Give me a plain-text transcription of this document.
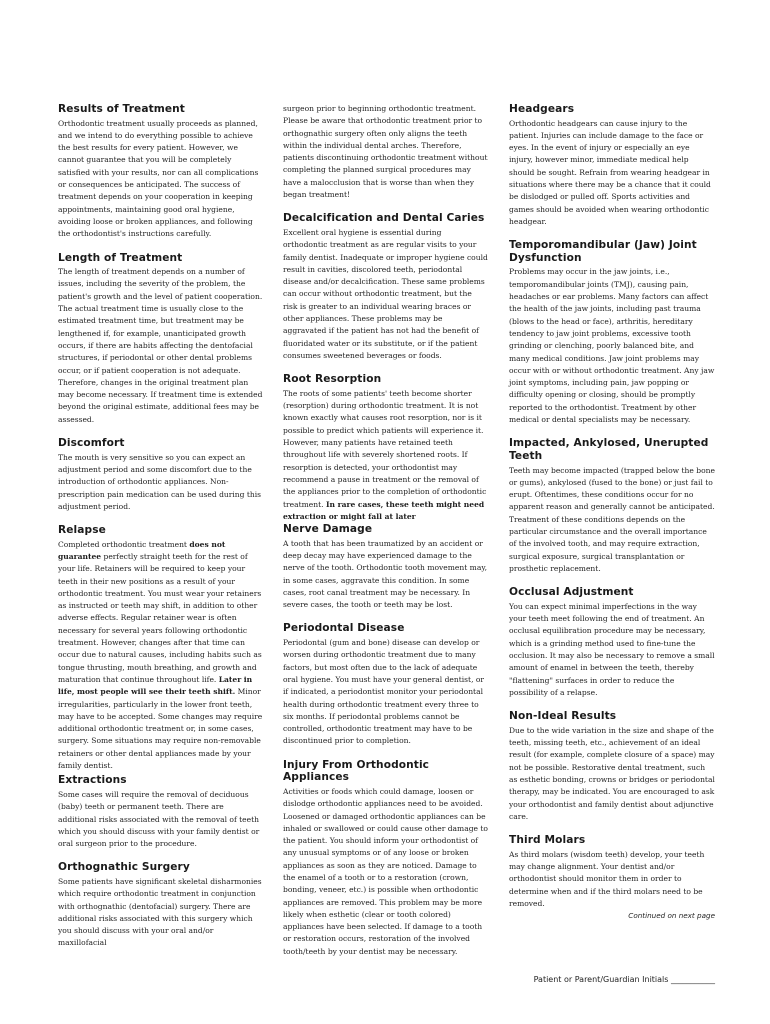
Results of Treatment

Orthodontic treatment usually proceeds as planned, and we intend to do everything possible to achieve the best results for every patient. However, we cannot guarantee that you will be completely satisfied with your results, nor can all complications or consequences be anticipated. The success of treatment depends on your cooperation in keeping appointments, maintaining good oral hygiene, avoiding loose or broken appliances, and following the orthodontist's instructions carefully.

Length of Treatment

The length of treatment depends on a number of issues, including the severity of the problem, the patient's growth and the level of patient cooperation. The actual treatment time is usually close to the estimated treatment time, but treatment may be lengthened if, for example, unanticipated growth occurs, if there are habits affecting the dentofacial structures, if periodontal or other dental problems occur, or if patient cooperation is not adequate. Therefore, changes in the original treatment plan may become necessary. If treatment time is extended beyond the original estimate, additional fees may be assessed.

Discomfort

The mouth is very sensitive so you can expect an adjustment period and some discomfort due to the introduction of orthodontic appliances. Non-prescription pain medication can be used during this adjustment period.

Relapse

Completed orthodontic treatment does not guarantee perfectly straight teeth for the rest of your life. Retainers will be required to keep your teeth in their new positions as a result of your orthodontic treatment. You must wear your retainers as instructed or teeth may shift, in addition to other adverse effects. Regular retainer wear is often necessary for several years following orthodontic treatment. However, changes after that time can occur due to natural causes, including habits such as tongue thrusting, mouth breathing, and growth and maturation that continue throughout life. Later in life, most people will see their teeth shift. Minor irregularities, particularly in the lower front teeth, may have to be accepted. Some changes may require additional orthodontic treatment or, in some cases, surgery. Some situations may require non-removable retainers or other dental appliances made by your family dentist.

Extractions

Some cases will require the removal of deciduous (baby) teeth or permanent teeth. There are additional risks associated with the removal of teeth which you should discuss with your family dentist or oral surgeon prior to the procedure.

Orthognathic Surgery

Some patients have significant skeletal disharmonies which require orthodontic treatment in conjunction with orthognathic (dentofacial) surgery. There are additional risks associated with this surgery which you should discuss with your oral and/or maxillofacial

surgeon prior to beginning orthodontic treatment. Please be aware that orthodontic treatment prior to orthognathic surgery often only aligns the teeth within the individual dental arches. Therefore, patients discontinuing orthodontic treatment without completing the planned surgical procedures may have a malocclusion that is worse than when they began treatment!

Decalcification and Dental Caries

Excellent oral hygiene is essential during orthodontic treatment as are regular visits to your family dentist. Inadequate or improper hygiene could result in cavities, discolored teeth, periodontal disease and/or decalcification. These same problems can occur without orthodontic treatment, but the risk is greater to an individual wearing braces or other appliances. These problems may be aggravated if the patient has not had the benefit of fluoridated water or its substitute, or if the patient consumes sweetened beverages or foods.

Root Resorption

The roots of some patients' teeth become shorter (resorption) during orthodontic treatment. It is not known exactly what causes root resorption, nor is it possible to predict which patients will experience it. However, many patients have retained teeth throughout life with severely shortened roots. If resorption is detected, your orthodontist may recommend a pause in treatment or the removal of the appliances prior to the completion of orthodontic treatment. In rare cases, these teeth might need extraction or might fall at later

Nerve Damage

A tooth that has been traumatized by an accident or deep decay may have experienced damage to the nerve of the tooth. Orthodontic tooth movement may, in some cases, aggravate this condition. In some cases, root canal treatment may be necessary. In severe cases, the tooth or teeth may be lost.

Periodontal Disease

Periodontal (gum and bone) disease can develop or worsen during orthodontic treatment due to many factors, but most often due to the lack of adequate oral hygiene. You must have your general dentist, or if indicated, a periodontist monitor your periodontal health during orthodontic treatment every three to six months. If periodontal problems cannot be controlled, orthodontic treatment may have to be discontinued prior to completion.

Injury From Orthodontic Appliances

Activities or foods which could damage, loosen or dislodge orthodontic appliances need to be avoided. Loosened or damaged orthodontic appliances can be inhaled or swallowed or could cause other damage to the patient. You should inform your orthodontist of any unusual symptoms or of any loose or broken appliances as soon as they are noticed. Damage to the enamel of a tooth or to a restoration (crown, bonding, veneer, etc.) is possible when orthodontic appliances are removed. This problem may be more likely when esthetic (clear or tooth colored) appliances have been selected. If damage to a tooth or restoration occurs, restoration of the involved tooth/teeth by your dentist may be necessary.

Headgears

Orthodontic headgears can cause injury to the patient. Injuries can include damage to the face or eyes. In the event of injury or especially an eye injury, however minor, immediate medical help should be sought. Refrain from wearing headgear in situations where there may be a chance that it could be dislodged or pulled off. Sports activities and games should be avoided when wearing orthodontic headgear.

Temporomandibular (Jaw) Joint Dysfunction

Problems may occur in the jaw joints, i.e., temporomandibular joints (TMJ), causing pain, headaches or ear problems. Many factors can affect the health of the jaw joints, including past trauma (blows to the head or face), arthritis, hereditary tendency to jaw joint problems, excessive tooth grinding or clenching, poorly balanced bite, and many medical conditions. Jaw joint problems may occur with or without orthodontic treatment. Any jaw joint symptoms, including pain, jaw popping or difficulty opening or closing, should be promptly reported to the orthodontist. Treatment by other medical or dental specialists may be necessary.

Impacted, Ankylosed, Unerupted Teeth

Teeth may become impacted (trapped below the bone or gums), ankylosed (fused to the bone) or just fail to erupt. Oftentimes, these conditions occur for no apparent reason and generally cannot be anticipated. Treatment of these conditions depends on the particular circumstance and the overall importance of the involved tooth, and may require extraction, surgical exposure, surgical transplantation or prosthetic replacement.

Occlusal Adjustment

You can expect minimal imperfections in the way your teeth meet following the end of treatment. An occlusal equilibration procedure may be necessary, which is a grinding method used to fine-tune the occlusion. It may also be necessary to remove a small amount of enamel in between the teeth, thereby "flattening" surfaces in order to reduce the possibility of a relapse.

Non-Ideal Results

Due to the wide variation in the size and shape of the teeth, missing teeth, etc., achievement of an ideal result (for example, complete closure of a space) may not be possible. Restorative dental treatment, such as esthetic bonding, crowns or bridges or periodontal therapy, may be indicated. You are encouraged to ask your orthodontist and family dentist about adjunctive care.

Third Molars

As third molars (wisdom teeth) develop, your teeth may change alignment. Your dentist and/or orthodontist should monitor them in order to determine when and if the third molars need to be removed.

Continued on next page
Patient or Parent/Guardian Initials ___________
